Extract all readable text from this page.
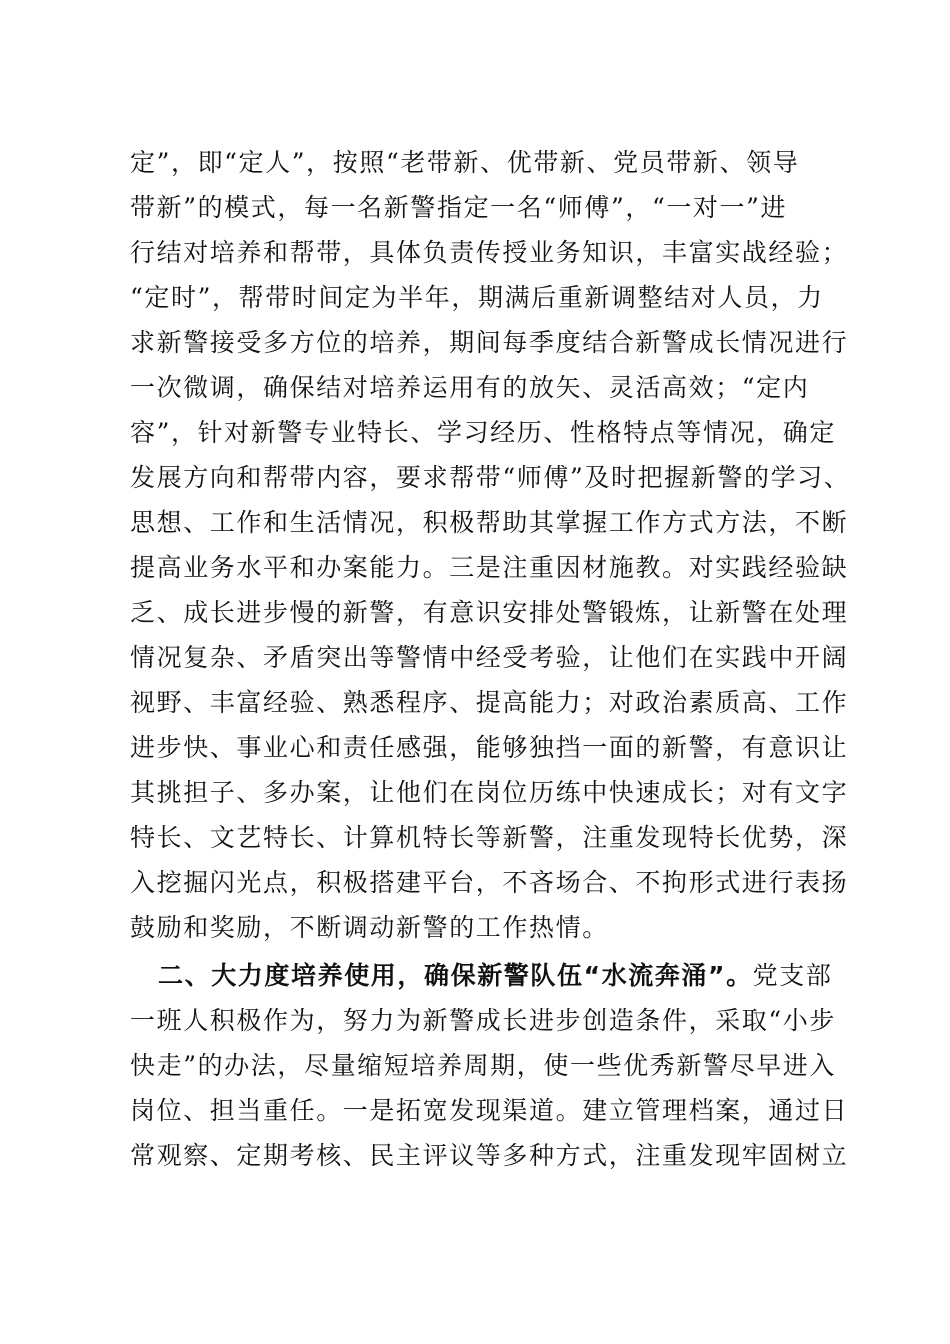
定”，即“定人”，按照“老带新、优带新、党员带新、领导
带新”的模式，每一名新警指定一名“师傅”，“一对一”进
行结对培养和帮带，具体负责传授业务知识，丰富实战经验；
“定时”，帮带时间定为半年，期满后重新调整结对人员，力
求新警接受多方位的培养，期间每季度结合新警成长情况进行
一次微调，确保结对培养运用有的放矢、灵活高效；“定内
容”，针对新警专业特长、学习经历、性格特点等情况，确定
发展方向和帮带内容，要求帮带“师傅”及时把握新警的学习、
思想、工作和生活情况，积极帮助其掌握工作方式方法，不断
提高业务水平和办案能力。三是注重因材施教。对实践经验缺
乏、成长进步慢的新警，有意识安排处警锻炼，让新警在处理
情况复杂、矛盾突出等警情中经受考验，让他们在实践中开阔
视野、丰富经验、熟悉程序、提高能力；对政治素质高、工作
进步快、事业心和责任感强，能够独挡一面的新警，有意识让
其挑担子、多办案，让他们在岗位历练中快速成长；对有文字
特长、文艺特长、计算机特长等新警，注重发现特长优势，深
入挖掘闪光点，积极搭建平台，不吝场合、不拘形式进行表扬
鼓励和奖励，不断调动新警的工作热情。
二、大力度培养使用，确保新警队伍“水流奔涌”。党支部
一班人积极作为，努力为新警成长进步创造条件，采取“小步
快走”的办法，尽量缩短培养周期，使一些优秀新警尽早进入
岗位、担当重任。一是拓宽发现渠道。建立管理档案，通过日
常观察、定期考核、民主评议等多种方式，注重发现牢固树立
